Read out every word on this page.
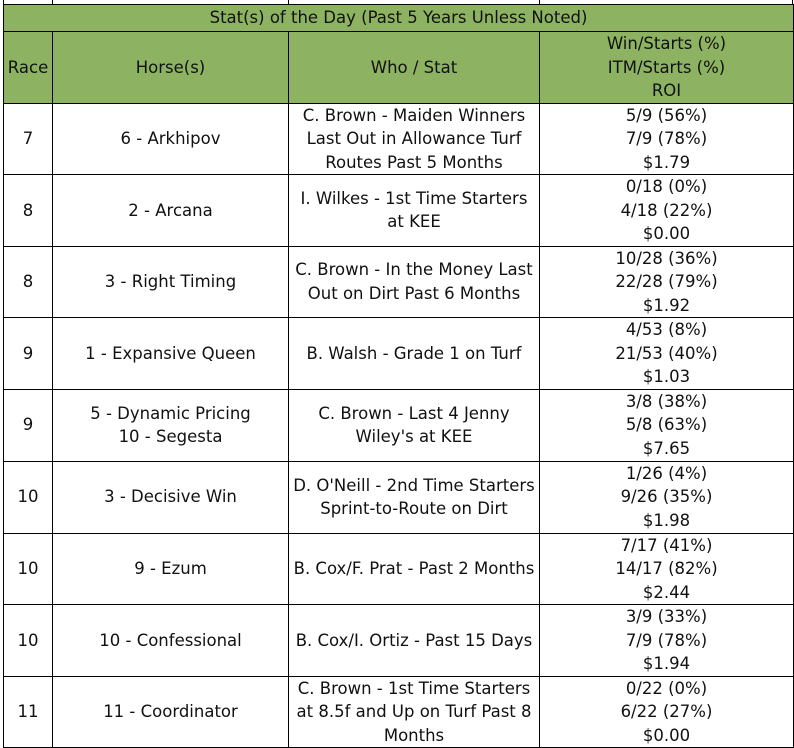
Stat(s) of the Day (Past 5 Years Unless Noted)			
Race	Horse(s)	Who / Stat	Win/Starts (%)
ITM/Starts (%)
ROI

7	6 - Arkhipov	C. Brown - Maiden Winners
Last Out in Allowance Turf
Routes Past 5 Months	5/9 (56%)
7/9 (78%)
$1.79

8	2 - Arcana	I. Wilkes - 1st Time Starters
at KEE	0/18 (0%)
4/18 (22%)
$0.00

8	3 - Right Timing	C. Brown - In the Money Last
Out on Dirt Past 6 Months	10/28 (36%)
22/28 (79%)
$1.92

9	1 - Expansive Queen	B. Walsh - Grade 1 on Turf	4/53 (8%)
21/53 (40%)
$1.03

9	5 - Dynamic Pricing
10 - Segesta	C. Brown - Last 4 Jenny
Wiley's at KEE	3/8 (38%)
5/8 (63%)
$7.65

10	3 - Decisive Win	D. O'Neill - 2nd Time Starters
Sprint-to-Route on Dirt	1/26 (4%)
9/26 (35%)
$1.98

10	9 - Ezum	B. Cox/F. Prat - Past 2 Months	7/17 (41%)
14/17 (82%)
$2.44

10	10 - Confessional	B. Cox/I. Ortiz - Past 15 Days	3/9 (33%)
7/9 (78%)
$1.94

11	11 - Coordinator	C. Brown - 1st Time Starters
at 8.5f and Up on Turf Past 8
Months	0/22 (0%)
6/22 (27%)
$0.00
